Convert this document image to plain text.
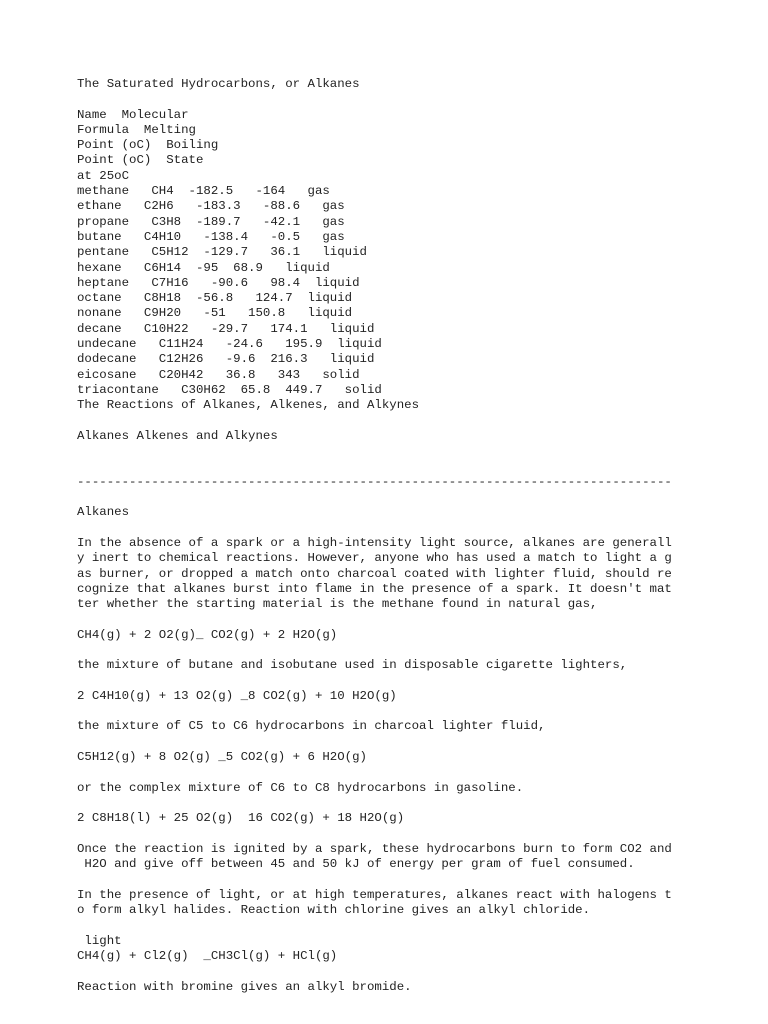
The Saturated Hydrocarbons, or Alkanes
Name  Molecular
Formula  Melting
Point (oC)  Boiling
Point (oC)  State
at 25oC
methane   CH4  -182.5   -164   gas
ethane   C2H6   -183.3   -88.6   gas
propane   C3H8  -189.7   -42.1   gas
butane   C4H10   -138.4   -0.5   gas
pentane   C5H12  -129.7   36.1   liquid
hexane   C6H14  -95  68.9   liquid
heptane   C7H16   -90.6   98.4  liquid
octane   C8H18  -56.8   124.7  liquid
nonane   C9H20   -51   150.8   liquid
decane   C10H22   -29.7   174.1   liquid
undecane   C11H24   -24.6   195.9  liquid
dodecane   C12H26   -9.6  216.3   liquid
eicosane   C20H42   36.8   343   solid
triacontane   C30H62  65.8  449.7   solid
The Reactions of Alkanes, Alkenes, and Alkynes
Alkanes Alkenes and Alkynes
--------------------------------------------------------------------------------
Alkanes
In the absence of a spark or a high-intensity light source, alkanes are generall
y inert to chemical reactions. However, anyone who has used a match to light a g
as burner, or dropped a match onto charcoal coated with lighter fluid, should re
cognize that alkanes burst into flame in the presence of a spark. It doesn't mat
ter whether the starting material is the methane found in natural gas,
CH4(g) + 2 O2(g)_ CO2(g) + 2 H2O(g)
the mixture of butane and isobutane used in disposable cigarette lighters,
2 C4H10(g) + 13 O2(g) _8 CO2(g) + 10 H2O(g)
the mixture of C5 to C6 hydrocarbons in charcoal lighter fluid,
C5H12(g) + 8 O2(g) _5 CO2(g) + 6 H2O(g)
or the complex mixture of C6 to C8 hydrocarbons in gasoline.
2 C8H18(l) + 25 O2(g)  16 CO2(g) + 18 H2O(g)
Once the reaction is ignited by a spark, these hydrocarbons burn to form CO2 and
H2O and give off between 45 and 50 kJ of energy per gram of fuel consumed.
In the presence of light, or at high temperatures, alkanes react with halogens t
o form alkyl halides. Reaction with chlorine gives an alkyl chloride.
light
CH4(g) + Cl2(g)  _CH3Cl(g) + HCl(g)
Reaction with bromine gives an alkyl bromide.
